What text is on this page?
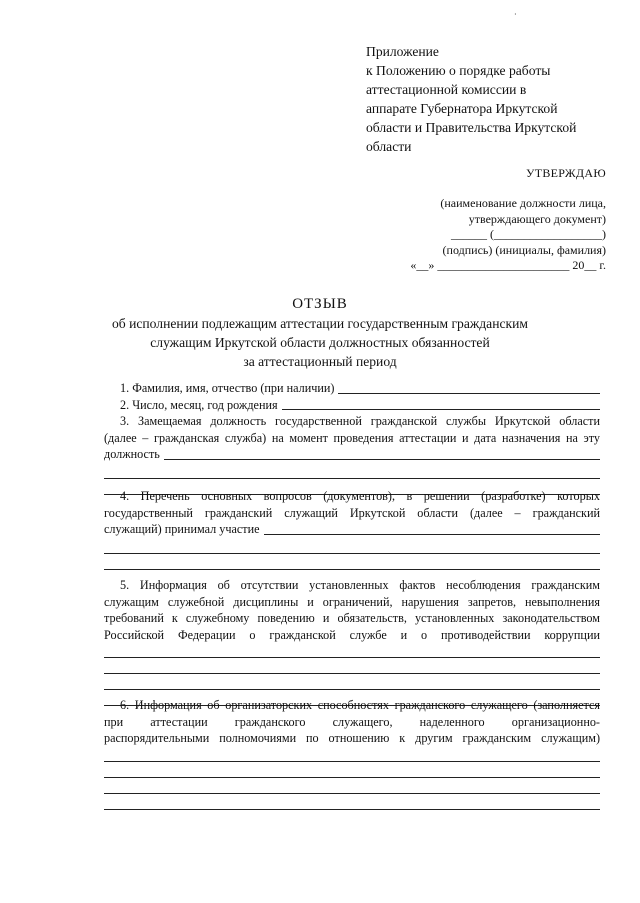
·
Приложение
к Положению о порядке работы
аттестационной комиссии в
аппарате Губернатора Иркутской
области и Правительства Иркутской
области
УТВЕРЖДАЮ
(наименование должности лица,
утверждающего документ)
______ (__________________)
(подпись) (инициалы, фамилия)
«__» ______________________ 20__ г.
ОТЗЫВ
об исполнении подлежащим аттестации государственным гражданским
служащим Иркутской области должностных обязанностей
за аттестационный период
1. Фамилия, имя, отчество (при наличии)
2. Число, месяц, год рождения
3. Замещаемая должность государственной гражданской службы Иркутской области
(далее – гражданская служба) на момент проведения аттестации и дата назначения на эту
должность
4. Перечень основных вопросов (документов), в решении (разработке) которых
государственный гражданский служащий Иркутской области (далее – гражданский
служащий) принимал участие
5. Информация об отсутствии установленных фактов несоблюдения гражданским
служащим служебной дисциплины и ограничений, нарушения запретов, невыполнения
требований к служебному поведению и обязательств, установленных законодательством
Российской Федерации о гражданской службе и о противодействии коррупции
6. Информация об организаторских способностях гражданского служащего (заполняется
при аттестации гражданского служащего, наделенного организационно-
распорядительными полномочиями по отношению к другим гражданским служащим)
